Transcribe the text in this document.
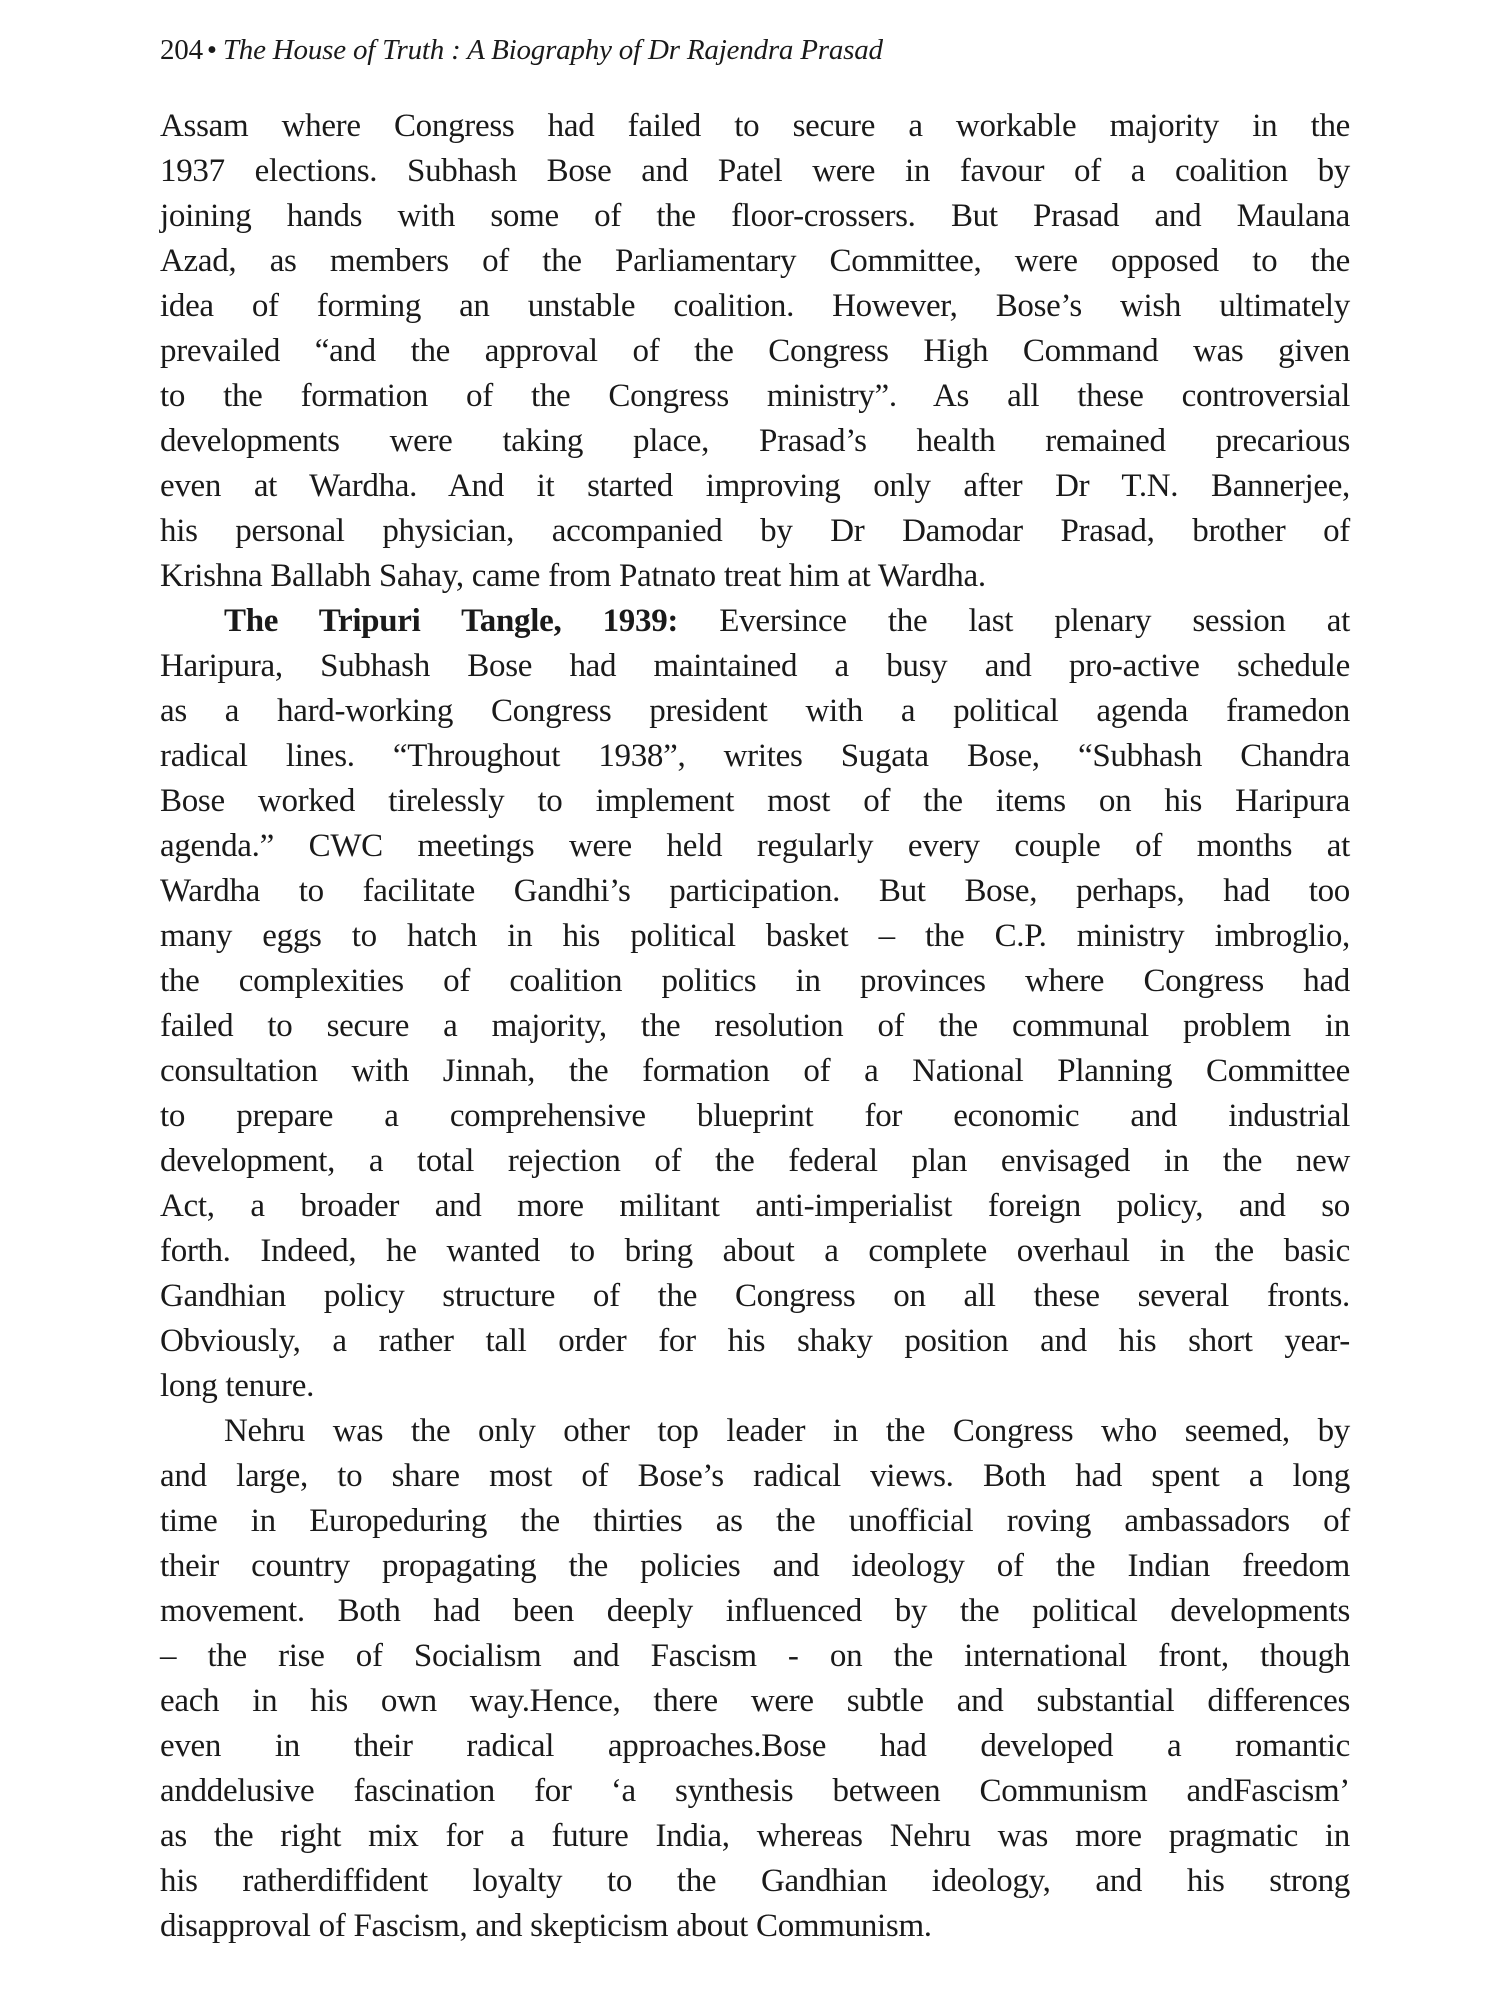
204 • The House of Truth : A Biography of Dr Rajendra Prasad
Assam where Congress had failed to secure a workable majority in the
1937 elections. Subhash Bose and Patel were in favour of a coalition by
joining hands with some of the floor-crossers. But Prasad and Maulana
Azad, as members of the Parliamentary Committee, were opposed to the
idea of forming an unstable coalition. However, Bose’s wish ultimately
prevailed “and the approval of the Congress High Command was given
to the formation of the Congress ministry”. As all these controversial
developments were taking place, Prasad’s health remained precarious
even at Wardha. And it started improving only after Dr T.N. Bannerjee,
his personal physician, accompanied by Dr Damodar Prasad, brother of
Krishna Ballabh Sahay, came from Patnato treat him at Wardha.
The Tripuri Tangle, 1939: Eversince the last plenary session at
Haripura, Subhash Bose had maintained a busy and pro-active schedule
as a hard-working Congress president with a political agenda framedon
radical lines. “Throughout 1938”, writes Sugata Bose, “Subhash Chandra
Bose worked tirelessly to implement most of the items on his Haripura
agenda.” CWC meetings were held regularly every couple of months at
Wardha to facilitate Gandhi’s participation. But Bose, perhaps, had too
many eggs to hatch in his political basket – the C.P. ministry imbroglio,
the complexities of coalition politics in provinces where Congress had
failed to secure a majority, the resolution of the communal problem in
consultation with Jinnah, the formation of a National Planning Committee
to prepare a comprehensive blueprint for economic and industrial
development, a total rejection of the federal plan envisaged in the new
Act, a broader and more militant anti-imperialist foreign policy, and so
forth. Indeed, he wanted to bring about a complete overhaul in the basic
Gandhian policy structure of the Congress on all these several fronts.
Obviously, a rather tall order for his shaky position and his short year-
long tenure.
Nehru was the only other top leader in the Congress who seemed, by
and large, to share most of Bose’s radical views. Both had spent a long
time in Europeduring the thirties as the unofficial roving ambassadors of
their country propagating the policies and ideology of the Indian freedom
movement. Both had been deeply influenced by the political developments
– the rise of Socialism and Fascism - on the international front, though
each in his own way.Hence, there were subtle and substantial differences
even in their radical approaches.Bose had developed a romantic
anddelusive fascination for ‘a synthesis between Communism andFascism’
as the right mix for a future India, whereas Nehru was more pragmatic in
his ratherdiffident loyalty to the Gandhian ideology, and his strong
disapproval of Fascism, and skepticism about Communism.
